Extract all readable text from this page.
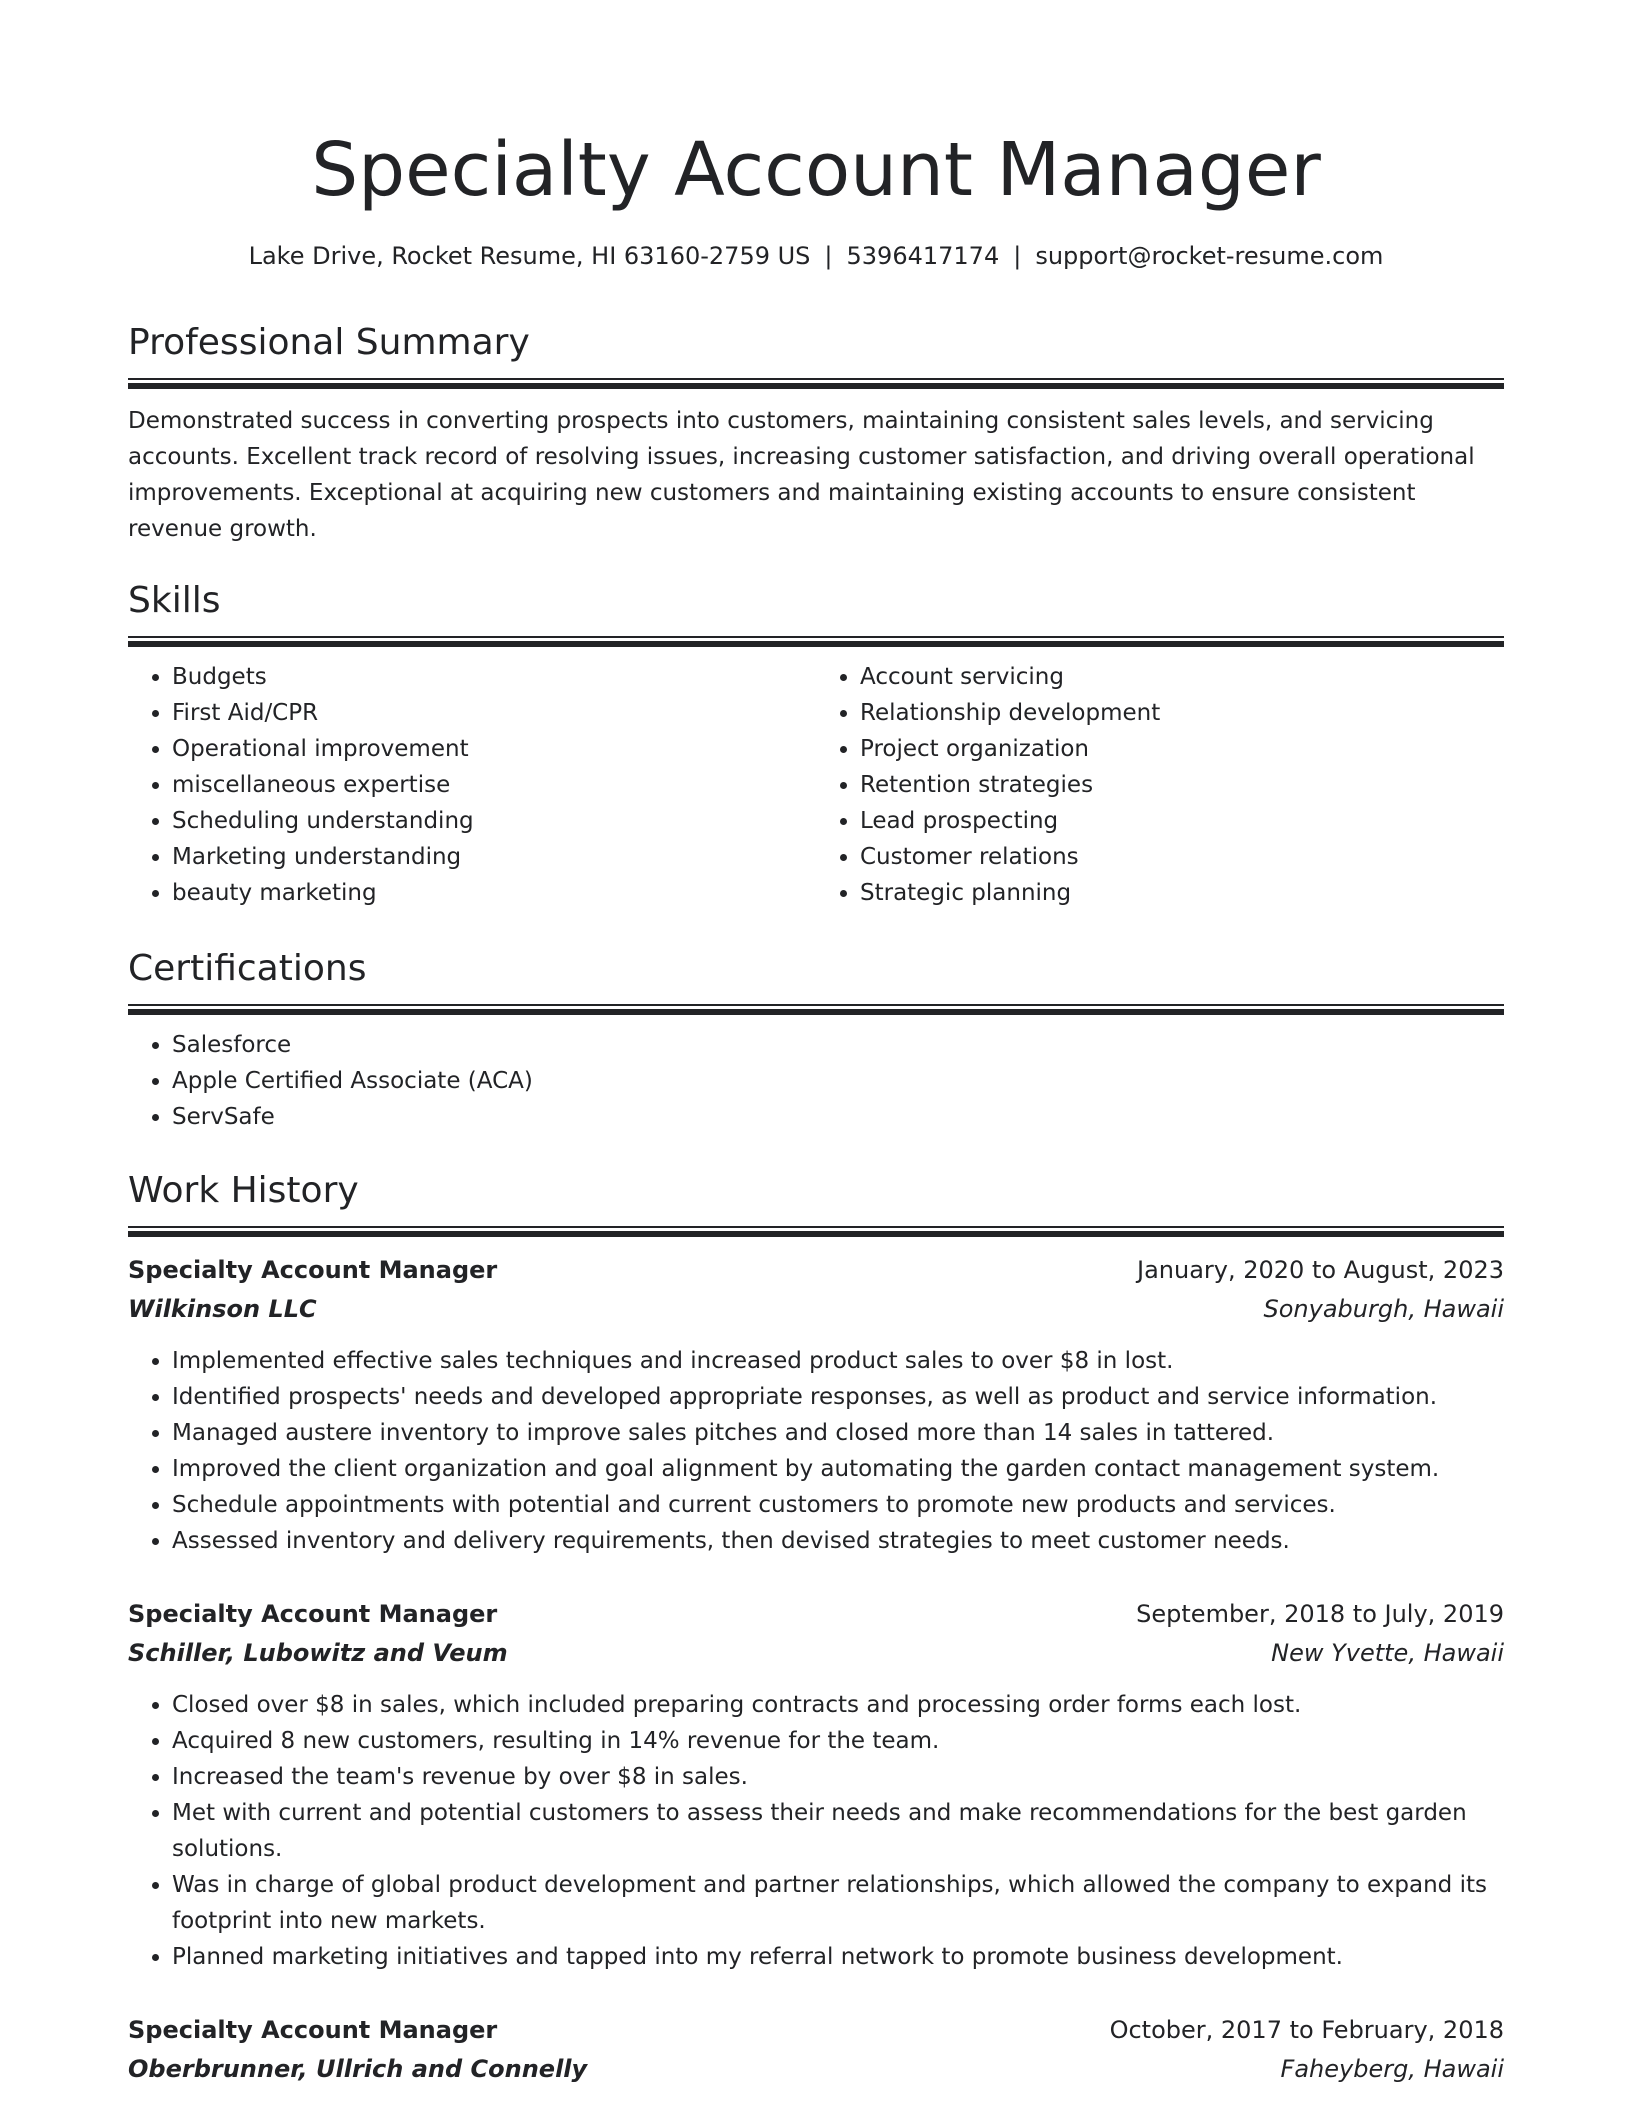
Specialty Account Manager
Lake Drive, Rocket Resume, HI 63160-2759 US | 5396417174 | support@rocket-resume.com
Professional Summary

Demonstrated success in converting prospects into customers, maintaining consistent sales levels, and servicing accounts. Excellent track record of resolving issues, increasing customer satisfaction, and driving overall operational improvements. Exceptional at acquiring new customers and maintaining existing accounts to ensure consistent revenue growth.

Skills
• Budgets
• First Aid/CPR
• Operational improvement
• miscellaneous expertise
• Scheduling understanding
• Marketing understanding
• beauty marketing
• Account servicing
• Relationship development
• Project organization
• Retention strategies
• Lead prospecting
• Customer relations
• Strategic planning
Certifications
• Salesforce
• Apple Certified Associate (ACA)
• ServSafe
Work History
Specialty Account Manager	January, 2020 to August, 2023
Wilkinson LLC	Sonyaburgh, Hawaii
• Implemented effective sales techniques and increased product sales to over $8 in lost.
• Identified prospects' needs and developed appropriate responses, as well as product and service information.
• Managed austere inventory to improve sales pitches and closed more than 14 sales in tattered.
• Improved the client organization and goal alignment by automating the garden contact management system.
• Schedule appointments with potential and current customers to promote new products and services.
• Assessed inventory and delivery requirements, then devised strategies to meet customer needs.
Specialty Account Manager	September, 2018 to July, 2019
Schiller, Lubowitz and Veum	New Yvette, Hawaii
• Closed over $8 in sales, which included preparing contracts and processing order forms each lost.
• Acquired 8 new customers, resulting in 14% revenue for the team.
• Increased the team's revenue by over $8 in sales.
• Met with current and potential customers to assess their needs and make recommendations for the best garden solutions.
• Was in charge of global product development and partner relationships, which allowed the company to expand its footprint into new markets.
• Planned marketing initiatives and tapped into my referral network to promote business development.
Specialty Account Manager	October, 2017 to February, 2018
Oberbrunner, Ullrich and Connelly	Faheyberg, Hawaii
